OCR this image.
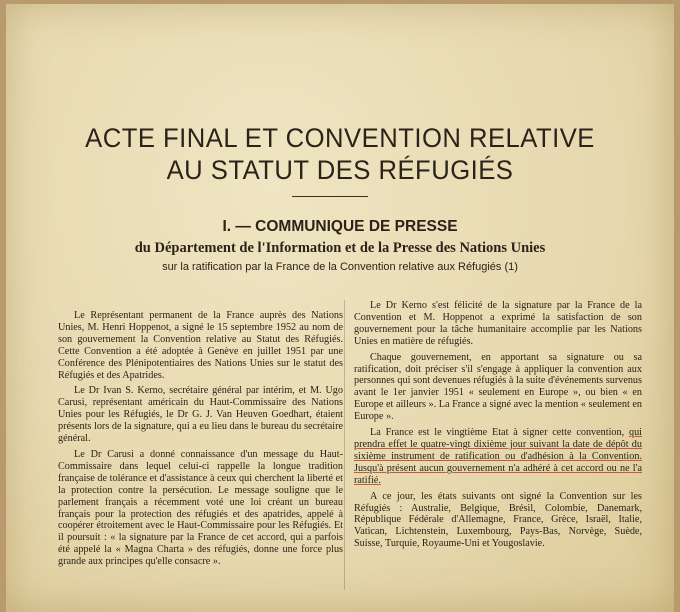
ACTE FINAL ET CONVENTION RELATIVE
AU STATUT DES RÉFUGIÉS
I. — COMMUNIQUE DE PRESSE
du Département de l'Information et de la Presse des Nations Unies
sur la ratification par la France de la Convention relative aux Réfugiés (1)

Le Représentant permanent de la France auprès des Nations Unies, M. Henri Hoppenot, a signé le 15 septembre 1952 au nom de son gouvernement la Convention relative au Statut des Réfugiés. Cette Convention a été adoptée à Genève en juillet 1951 par une Conférence des Plénipotentiaires des Nations Unies sur le statut des Réfugiés et des Apatrides.

Le Dr Ivan S. Kerno, secrétaire général par intérim, et M. Ugo Carusi, représentant américain du Haut-Commissaire des Nations Unies pour les Réfugiés, le Dr G. J. Van Heuven Goedhart, étaient présents lors de la signature, qui a eu lieu dans le bureau du secrétaire général.

Le Dr Carusi a donné connaissance d'un message du Haut-Commissaire dans lequel celui-ci rappelle la longue tradition française de tolérance et d'assistance à ceux qui cherchent la liberté et la protection contre la persécution. Le message souligne que le parlement français a récemment voté une loi créant un bureau français pour la protection des réfugiés et des apatrides, appelé à coopérer étroitement avec le Haut-Commissaire pour les Réfugiés. Et il poursuit : « la signature par la France de cet accord, qui a parfois été appelé la « Magna Charta » des réfugiés, donne une force plus grande aux principes qu'elle consacre ».

Le Dr Kerno s'est félicité de la signature par la France de la Convention et M. Hoppenot a exprimé la satisfaction de son gouvernement pour la tâche humanitaire accomplie par les Nations Unies en matière de réfugiés.

Chaque gouvernement, en apportant sa signature ou sa ratification, doit préciser s'il s'engage à appliquer la convention aux personnes qui sont devenues réfugiés à la suite d'événements survenus avant le 1er janvier 1951 « seulement en Europe », ou bien « en Europe et ailleurs ». La France a signé avec la mention « seulement en Europe ».

La France est le vingtième Etat à signer cette convention, qui prendra effet le quatre-vingt dixième jour suivant la date de dépôt du sixième instrument de ratification ou d'adhésion à la Convention. Jusqu'à présent aucun gouvernement n'a adhéré à cet accord ou ne l'a ratifié.

A ce jour, les états suivants ont signé la Convention sur les Réfugiés : Australie, Belgique, Brésil, Colombie, Danemark, République Fédérale d'Allemagne, France, Grèce, Israël, Italie, Vatican, Lichtenstein, Luxembourg, Pays-Bas, Norvège, Suède, Suisse, Turquie, Royaume-Uni et Yougoslavie.
